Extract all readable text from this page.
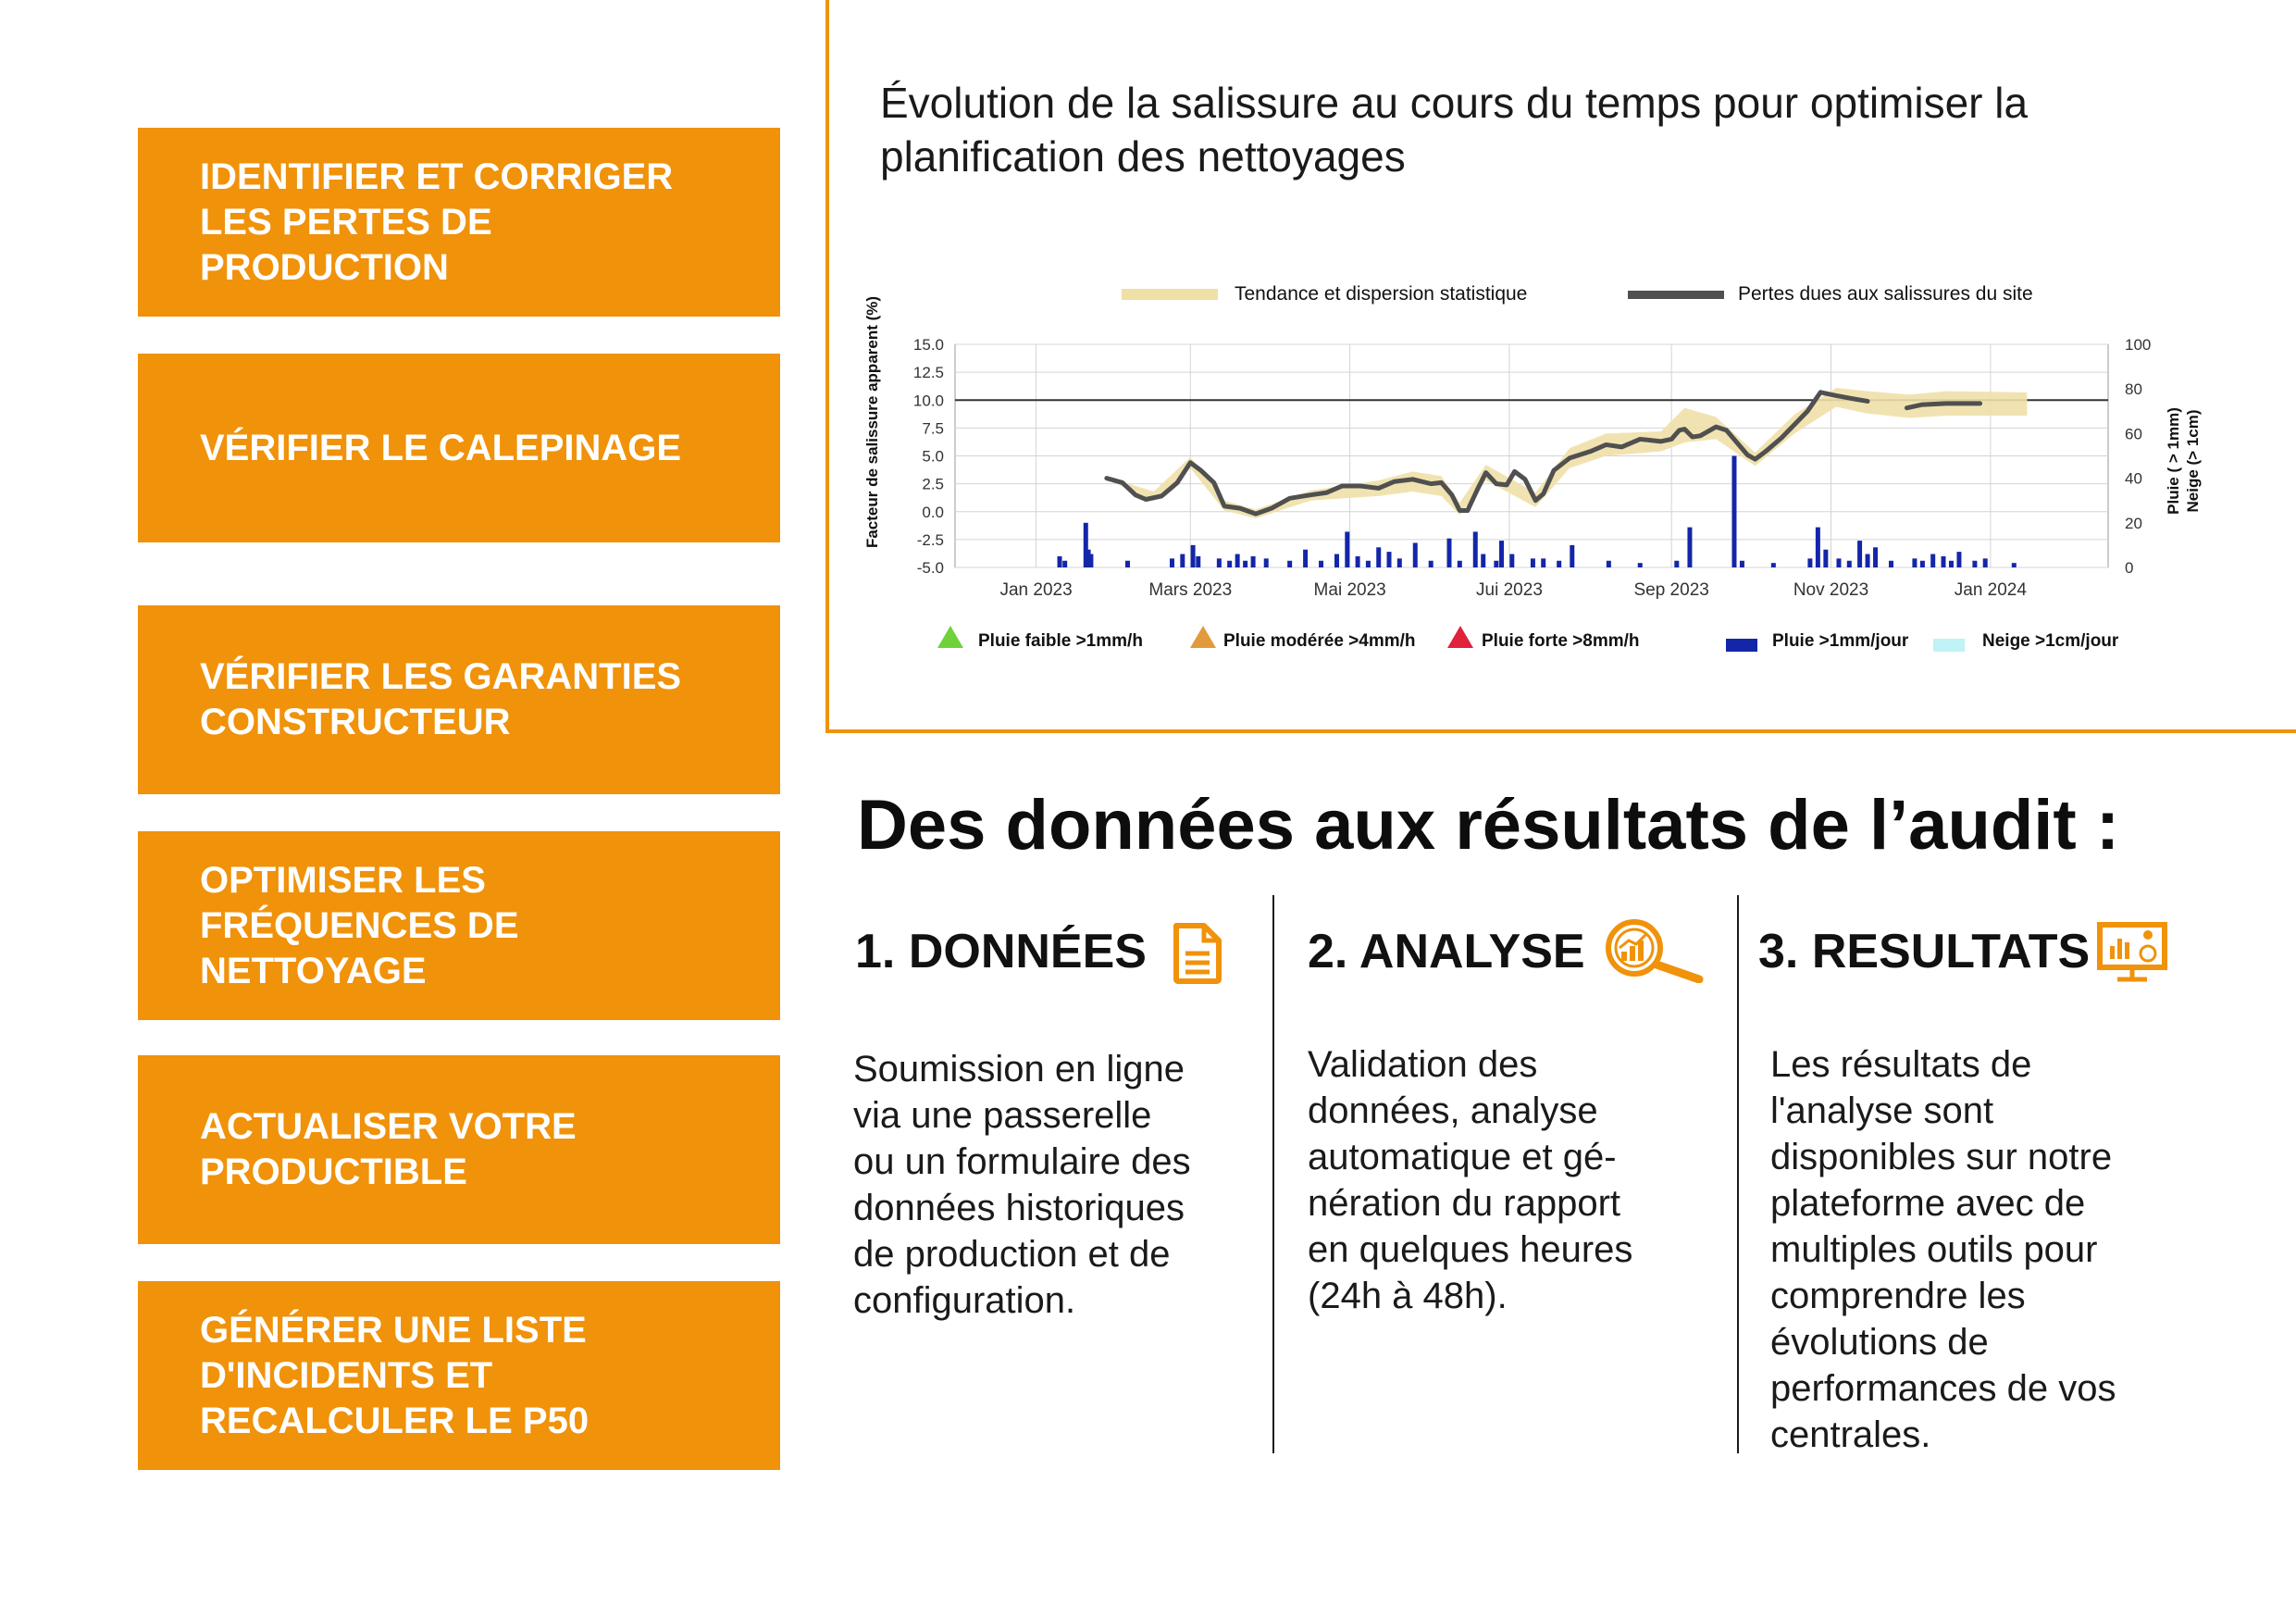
IDENTIFIER ET CORRIGER LES PERTES DE PRODUCTION
VÉRIFIER LE CALEPINAGE
VÉRIFIER LES GARANTIES CONSTRUCTEUR
OPTIMISER LES FRÉQUENCES DE NETTOYAGE
ACTUALISER VOTRE PRODUCTIBLE
GÉNÉRER UNE LISTE D'INCIDENTS ET RECALCULER LE P50
Évolution de la salissure au cours du temps pour optimiser la planification des nettoyages
Tendance et dispersion statistique	Pertes dues aux salissures du site
Facteur de salissure apparent (%)	Pluie ( > 1mm) Neige (> 1cm)
15.0
12.5
10.0
7.5
5.0
2.5
0.0
-2.5
-5.0
100
80
60
40
20
0
Jan 2023	Mars 2023	Mai 2023	Jui 2023	Sep 2023	Nov 2023	Jan 2024
Pluie faible >1mm/h	Pluie modérée >4mm/h	Pluie forte >8mm/h	Pluie >1mm/jour	Neige >1cm/jour
Des données aux résultats de l’audit :
1. DONNÉES
Soumission en ligne
via une passerelle
ou un formulaire des
données historiques
de production et de
configuration.
2. ANALYSE
Validation des
données, analyse
automatique et gé-
nération du rapport
en quelques heures
(24h à 48h).
3. RESULTATS
Les résultats de
l'analyse sont
disponibles sur notre
plateforme avec de
multiples outils pour
comprendre les
évolutions de
performances de vos
centrales.
